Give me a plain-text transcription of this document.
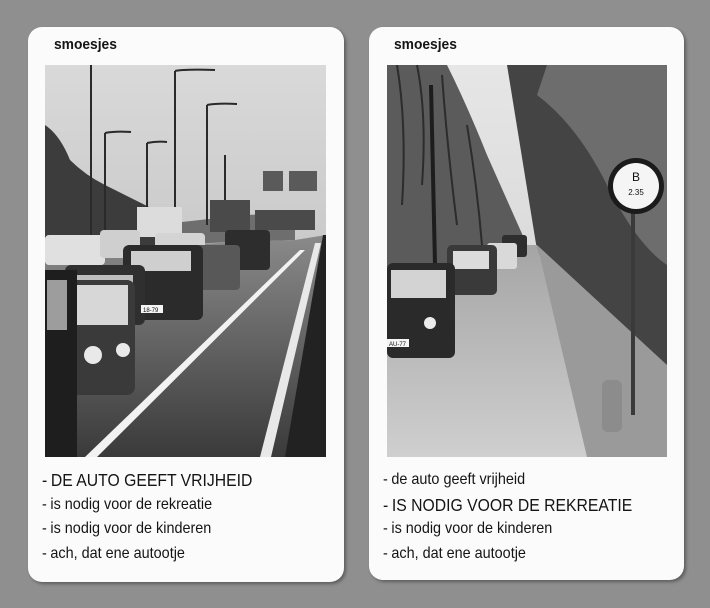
smoesjes
18-79
- DE AUTO GEEFT VRIJHEID
- is nodig voor de rekreatie
- is nodig voor de kinderen
- ach, dat ene autootje
smoesjes
AU-77
B
2.35
- de auto geeft vrijheid
- IS NODIG VOOR DE REKREATIE
- is nodig voor de kinderen
- ach, dat ene autootje
